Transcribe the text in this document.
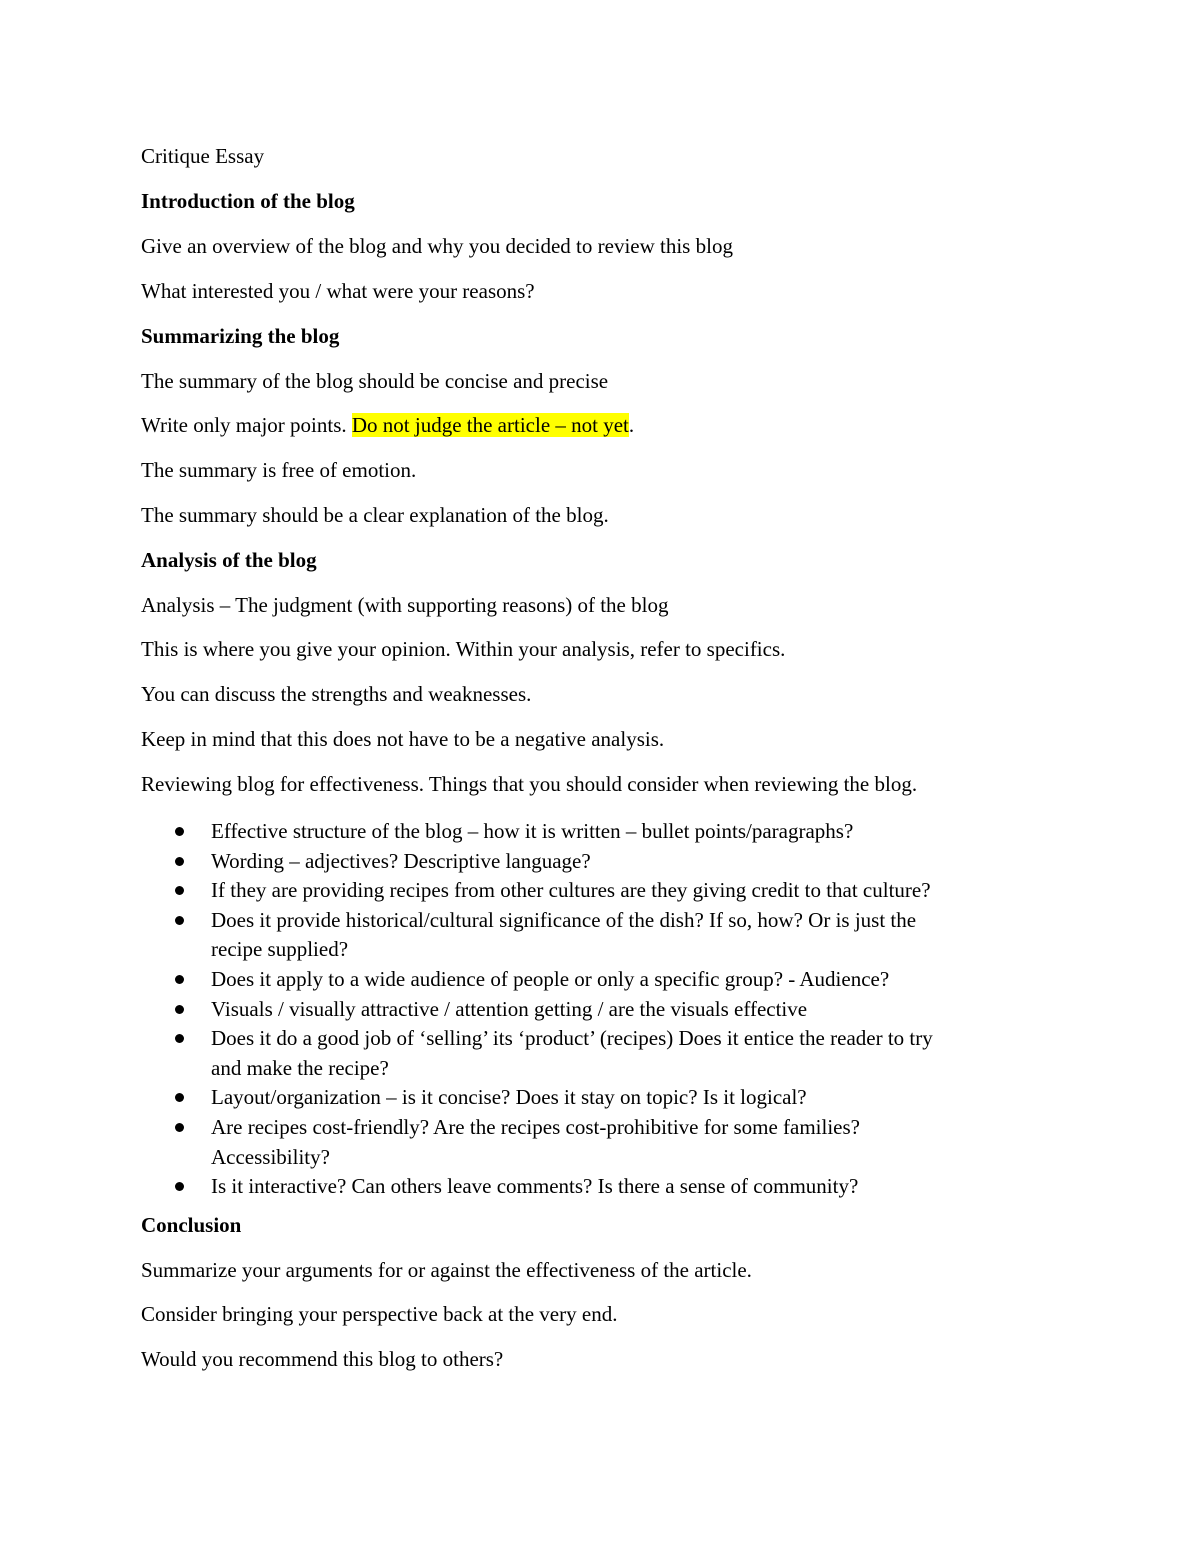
Critique Essay
Introduction of the blog
Give an overview of the blog and why you decided to review this blog
What interested you / what were your reasons?
Summarizing the blog
The summary of the blog should be concise and precise
Write only major points. Do not judge the article – not yet.
The summary is free of emotion.
The summary should be a clear explanation of the blog.
Analysis of the blog
Analysis – The judgment (with supporting reasons) of the blog
This is where you give your opinion. Within your analysis, refer to specifics.
You can discuss the strengths and weaknesses.
Keep in mind that this does not have to be a negative analysis.
Reviewing blog for effectiveness. Things that you should consider when reviewing the blog.
Effective structure of the blog – how it is written – bullet points/paragraphs?
Wording – adjectives? Descriptive language?
If they are providing recipes from other cultures are they giving credit to that culture?
Does it provide historical/cultural significance of the dish? If so, how? Or is just the
recipe supplied?
Does it apply to a wide audience of people or only a specific group? - Audience?
Visuals / visually attractive / attention getting / are the visuals effective
Does it do a good job of ‘selling’ its ‘product’ (recipes) Does it entice the reader to try
and make the recipe?
Layout/organization – is it concise? Does it stay on topic? Is it logical?
Are recipes cost-friendly? Are the recipes cost-prohibitive for some families?
Accessibility?
Is it interactive? Can others leave comments? Is there a sense of community?
Conclusion
Summarize your arguments for or against the effectiveness of the article.
Consider bringing your perspective back at the very end.
Would you recommend this blog to others?
